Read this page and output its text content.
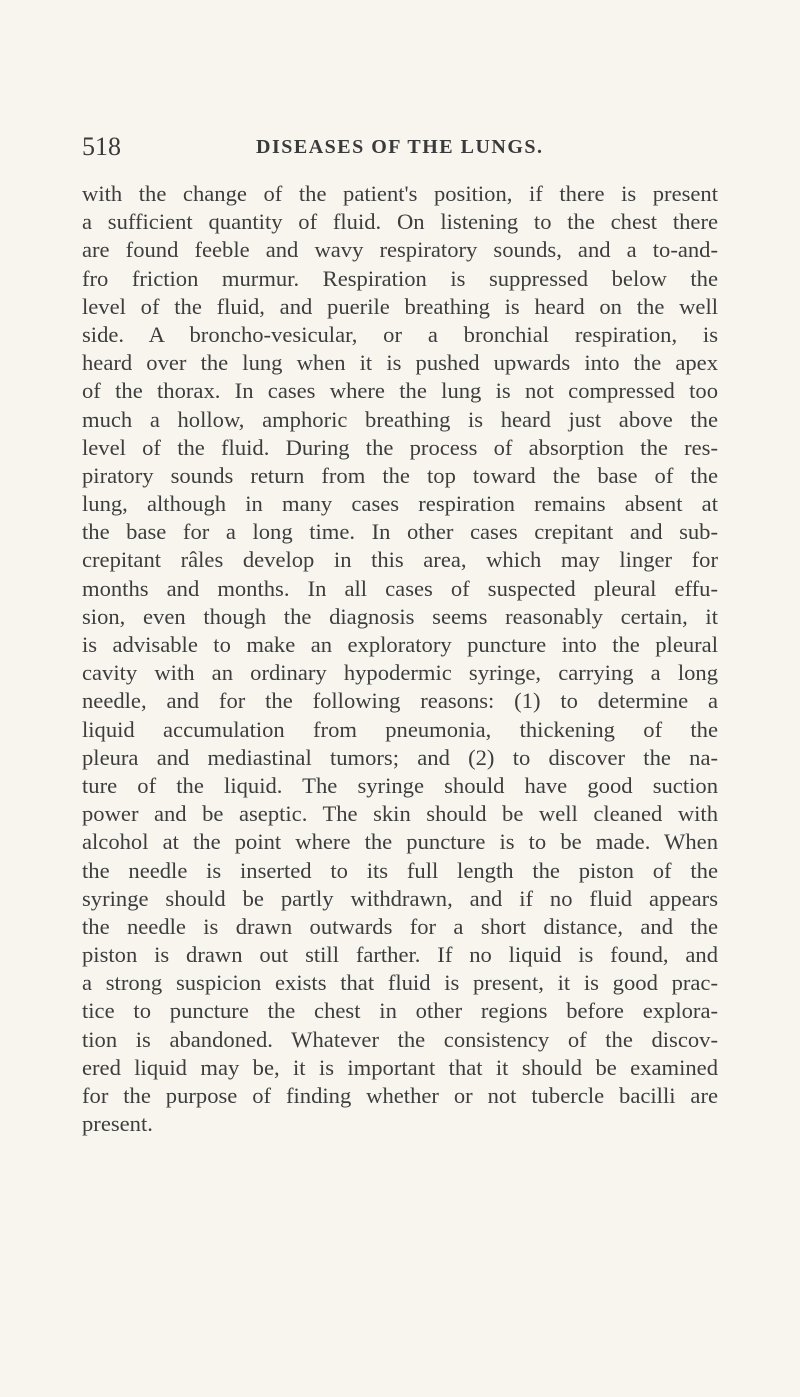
518	DISEASES OF THE LUNGS.
with the change of the patient's position, if there is present
a sufficient quantity of fluid. On listening to the chest there
are found feeble and wavy respiratory sounds, and a to-and-
fro friction murmur. Respiration is suppressed below the
level of the fluid, and puerile breathing is heard on the well
side. A broncho-vesicular, or a bronchial respiration, is
heard over the lung when it is pushed upwards into the apex
of the thorax. In cases where the lung is not compressed too
much a hollow, amphoric breathing is heard just above the
level of the fluid. During the process of absorption the res-
piratory sounds return from the top toward the base of the
lung, although in many cases respiration remains absent at
the base for a long time. In other cases crepitant and sub-
crepitant râles develop in this area, which may linger for
months and months. In all cases of suspected pleural effu-
sion, even though the diagnosis seems reasonably certain, it
is advisable to make an exploratory puncture into the pleural
cavity with an ordinary hypodermic syringe, carrying a long
needle, and for the following reasons: (1) to determine a
liquid accumulation from pneumonia, thickening of the
pleura and mediastinal tumors; and (2) to discover the na-
ture of the liquid. The syringe should have good suction
power and be aseptic. The skin should be well cleaned with
alcohol at the point where the puncture is to be made. When
the needle is inserted to its full length the piston of the
syringe should be partly withdrawn, and if no fluid appears
the needle is drawn outwards for a short distance, and the
piston is drawn out still farther. If no liquid is found, and
a strong suspicion exists that fluid is present, it is good prac-
tice to puncture the chest in other regions before explora-
tion is abandoned. Whatever the consistency of the discov-
ered liquid may be, it is important that it should be examined
for the purpose of finding whether or not tubercle bacilli are
present.
